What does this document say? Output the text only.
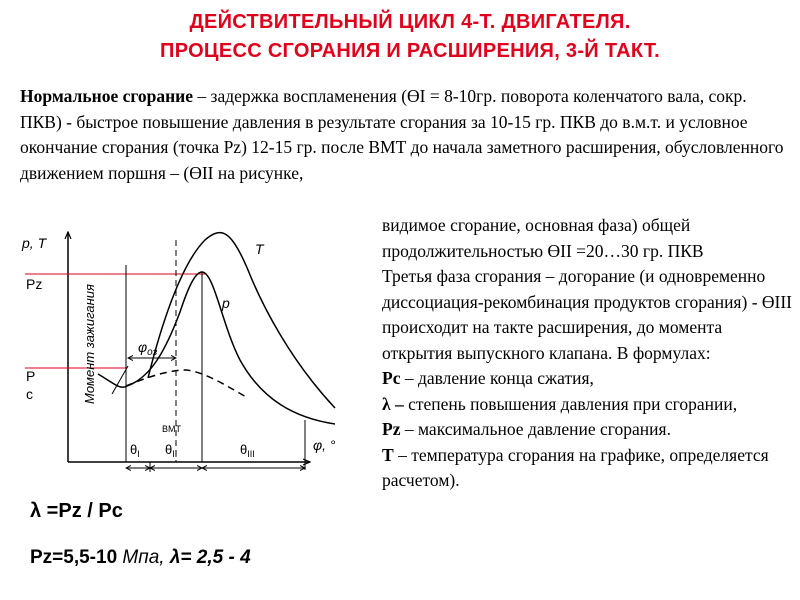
ДЕЙСТВИТЕЛЬНЫЙ ЦИКЛ 4-Т. ДВИГАТЕЛЯ.
ПРОЦЕСС СГОРАНИЯ И РАСШИРЕНИЯ, 3-Й ТАКТ.
Нормальное сгорание – задержка воспламенения (ϴI = 8-10гр. поворота коленчатого вала, сокр. ПКВ) - быстрое повышение давления в результате сгорания за 10-15 гр. ПКВ до в.м.т. и условное окончание сгорания (точка Pz) 12-15 гр. после ВМТ до начала заметного расширения, обусловленного движением поршня – (ϴII на рисунке,
видимое сгорание, основная фаза) общей продолжительностью ϴII =20…30 гр. ПКВ
Третья фаза сгорания – догорание (и одновременно диссоциация-рекомбинация продуктов сгорания) - ϴIII происходит на такте расширения, до момента открытия выпускного клапана. В формулах:
Рс – давление конца сжатия,
λ – степень повышения давления при сгорании,
Pz – максимальное давление сгорания.
Т – температура сгорания на графике, определяется расчетом).
λ =Pz / Pc
Pz=5,5-10 Мпа, λ= 2,5 - 4
p, T
φ, °
Pz
Р
с
T
p
Момент зажигания	$\varphi_{оз}$
ВМТ
$\theta_I$ $\theta_{II}$	$\theta_{III}$
